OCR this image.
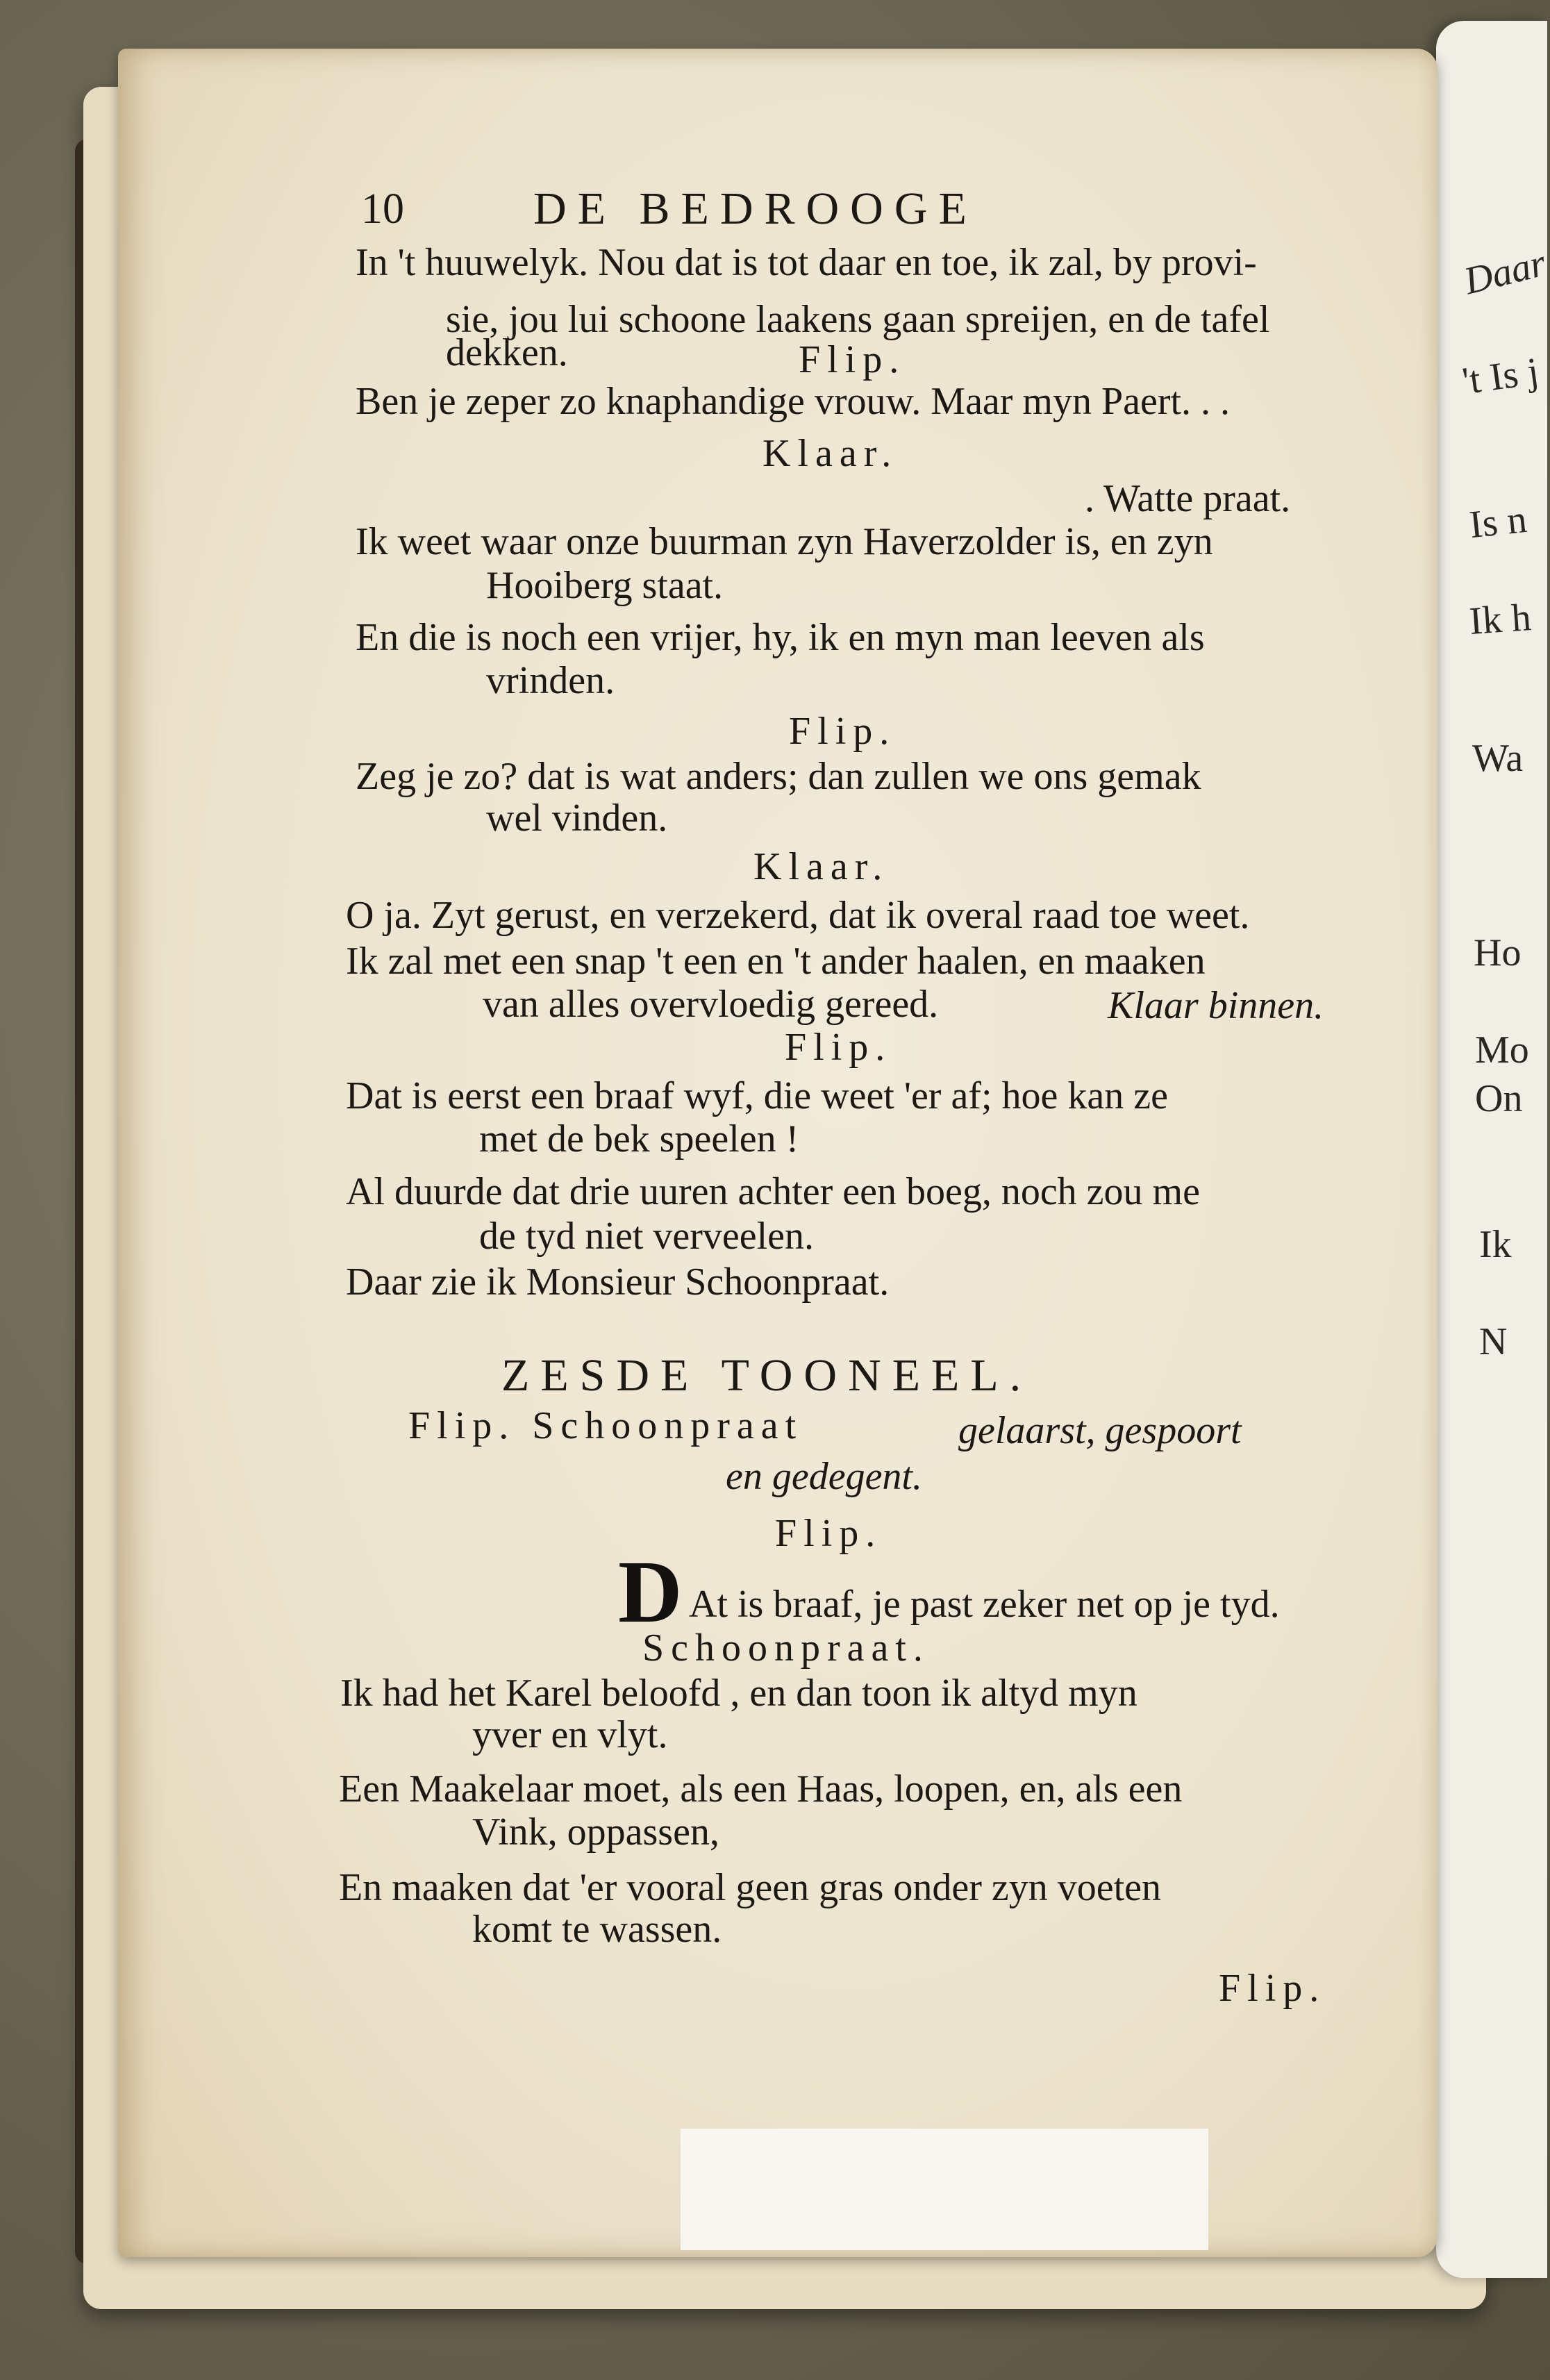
Daar
't Is j
Is n
Ik h
Wa
Ho
Mo
On
Ik
N
10	DE BEDROOGE
In 't huuwelyk. Nou dat is tot daar en toe, ik zal, by provi-
sie, jou lui schoone laakens gaan spreijen, en de tafel
dekken.	Flip.
Ben je zeper zo knaphandige vrouw. Maar myn Paert. . .
Klaar.
. Watte praat.
Ik weet waar onze buurman zyn Haverzolder is, en zyn
Hooiberg staat.
En die is noch een vrijer, hy, ik en myn man leeven als
vrinden.
Flip.
Zeg je zo? dat is wat anders; dan zullen we ons gemak
wel vinden.
Klaar.
O ja. Zyt gerust, en verzekerd, dat ik overal raad toe weet.
Ik zal met een snap 't een en 't ander haalen, en maaken
van alles overvloedig gereed.	Klaar binnen.
Flip.
Dat is eerst een braaf wyf, die weet 'er af; hoe kan ze
met de bek speelen !
Al duurde dat drie uuren achter een boeg, noch zou me
de tyd niet verveelen.
Daar zie ik Monsieur Schoonpraat.
ZESDE TOONEEL.
Flip. Schoonpraat	gelaarst, gespoort
en gedegent.
Flip.
D At is braaf, je past zeker net op je tyd.
Schoonpraat.
Ik had het Karel beloofd , en dan toon ik altyd myn
yver en vlyt.
Een Maakelaar moet, als een Haas, loopen, en, als een
Vink, oppassen,
En maaken dat 'er vooral geen gras onder zyn voeten
komt te wassen.
Flip.
